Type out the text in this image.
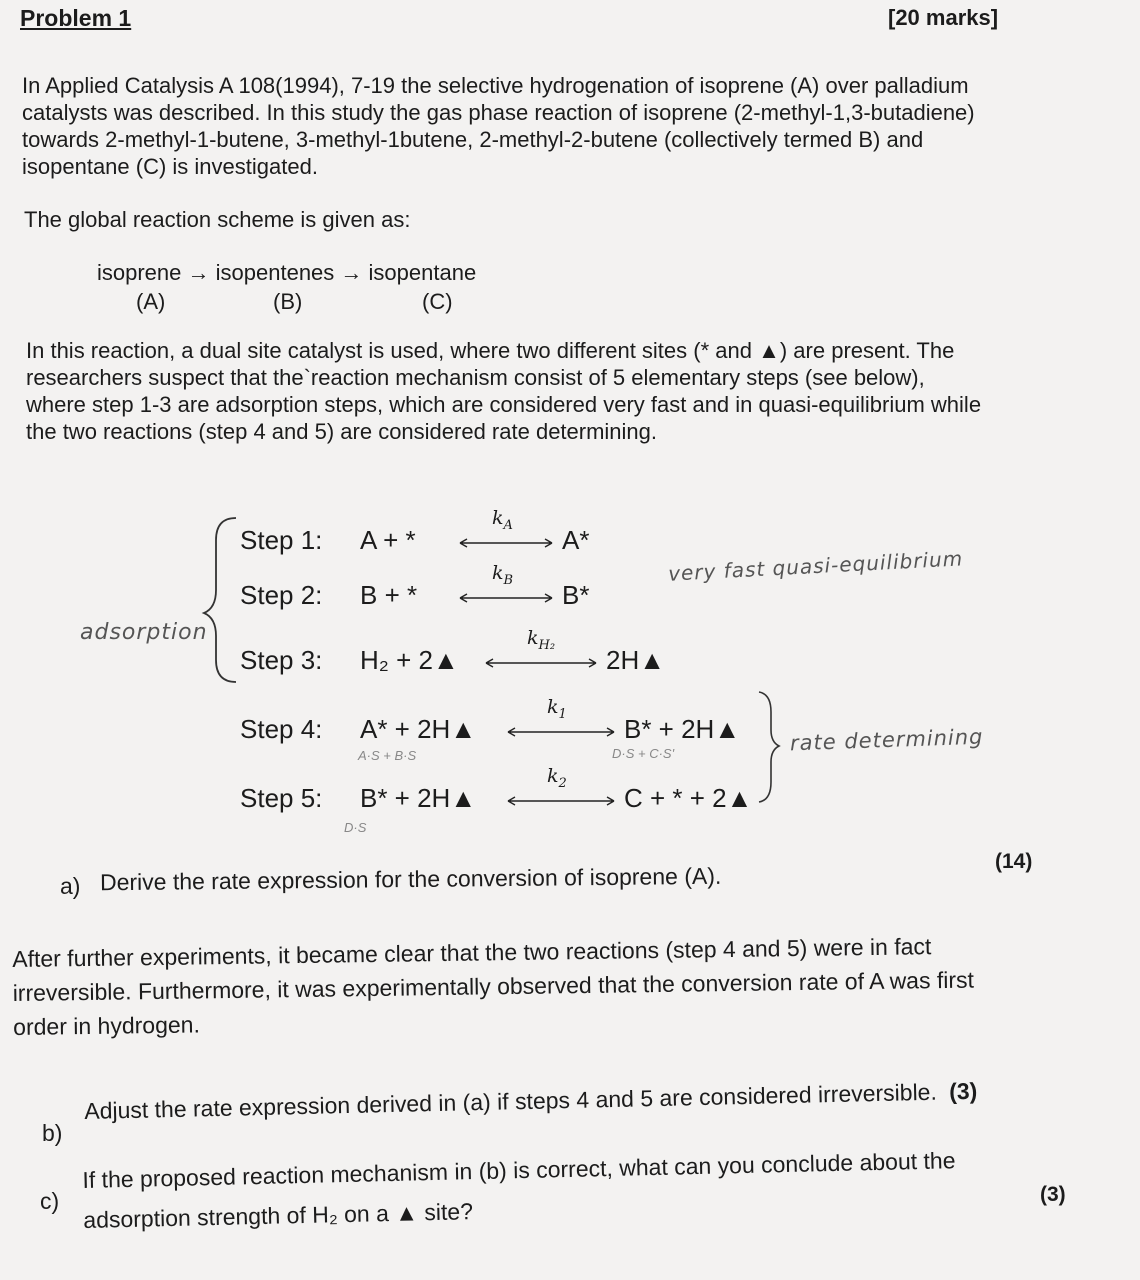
Problem 1	[20 marks]
In Applied Catalysis A 108(1994), 7-19 the selective hydrogenation of isoprene (A) over palladium
catalysts was described. In this study the gas phase reaction of isoprene (2-methyl-1,3-butadiene)
towards 2-methyl-1-butene, 3-methyl-1butene, 2-methyl-2-butene (collectively termed B) and
isopentane (C) is investigated.
The global reaction scheme is given as:
isoprene → isopentenes → isopentane
(A)	(B)	(C)
In this reaction, a dual site catalyst is used, where two different sites (* and ▲) are present. The
researchers suspect that the`reaction mechanism consist of 5 elementary steps (see below),
where step 1-3 are adsorption steps, which are considered very fast and in quasi-equilibrium while
the two reactions (step 4 and 5) are considered rate determining.
adsorption
very fast quasi-equilibrium
rate determining
A·S + B·S	D·S + C·S'
D·S
Step 1: A + *
$k_A$ A*
Step 2: B + *
$k_B$ B*
Step 3: H₂ + 2▲
$k_{H_2}$ 2H▲
Step 4: A* + 2H▲
$k_1$ B* + 2H▲
Step 5: B* + 2H▲
$k_2$ C + * + 2▲
a) Derive the rate expression for the conversion of isoprene (A).
(14)
After further experiments, it became clear that the two reactions (step 4 and 5) were in fact
irreversible. Furthermore, it was experimentally observed that the conversion rate of A was first
order in hydrogen.
b)
Adjust the rate expression derived in (a) if steps 4 and 5 are considered irreversible. (3)
c)
If the proposed reaction mechanism in (b) is correct, what can you conclude about the
adsorption strength of H₂ on a ▲ site?
(3)
